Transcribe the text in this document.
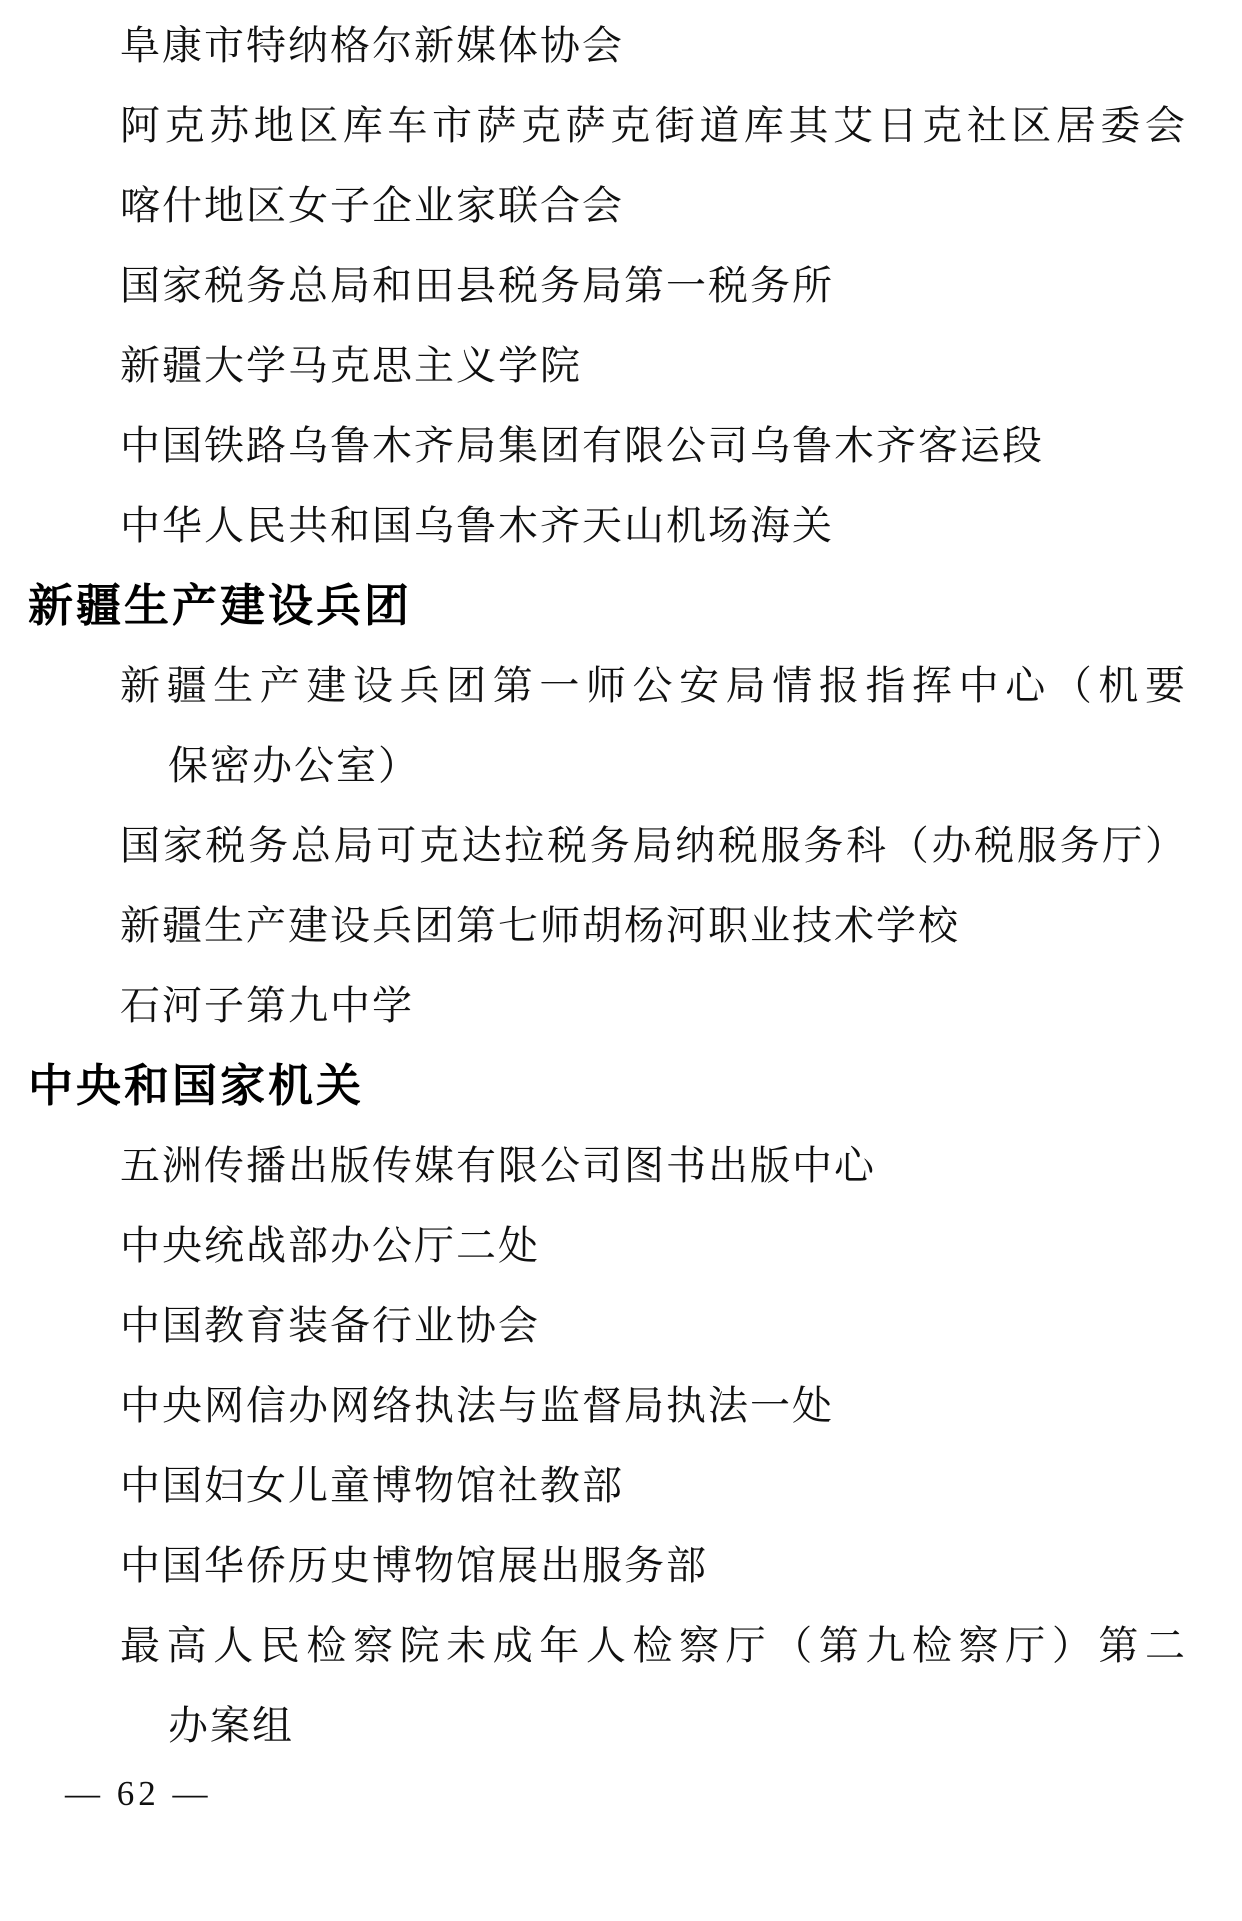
阜康市特纳格尔新媒体协会
阿克苏地区库车市萨克萨克街道库其艾日克社区居委会
喀什地区女子企业家联合会
国家税务总局和田县税务局第一税务所
新疆大学马克思主义学院
中国铁路乌鲁木齐局集团有限公司乌鲁木齐客运段
中华人民共和国乌鲁木齐天山机场海关
新疆生产建设兵团
新疆生产建设兵团第一师公安局情报指挥中心（机要
保密办公室）
国家税务总局可克达拉税务局纳税服务科（办税服务厅）
新疆生产建设兵团第七师胡杨河职业技术学校
石河子第九中学
中央和国家机关
五洲传播出版传媒有限公司图书出版中心
中央统战部办公厅二处
中国教育装备行业协会
中央网信办网络执法与监督局执法一处
中国妇女儿童博物馆社教部
中国华侨历史博物馆展出服务部
最高人民检察院未成年人检察厅（第九检察厅）第二
办案组
— 62 —
